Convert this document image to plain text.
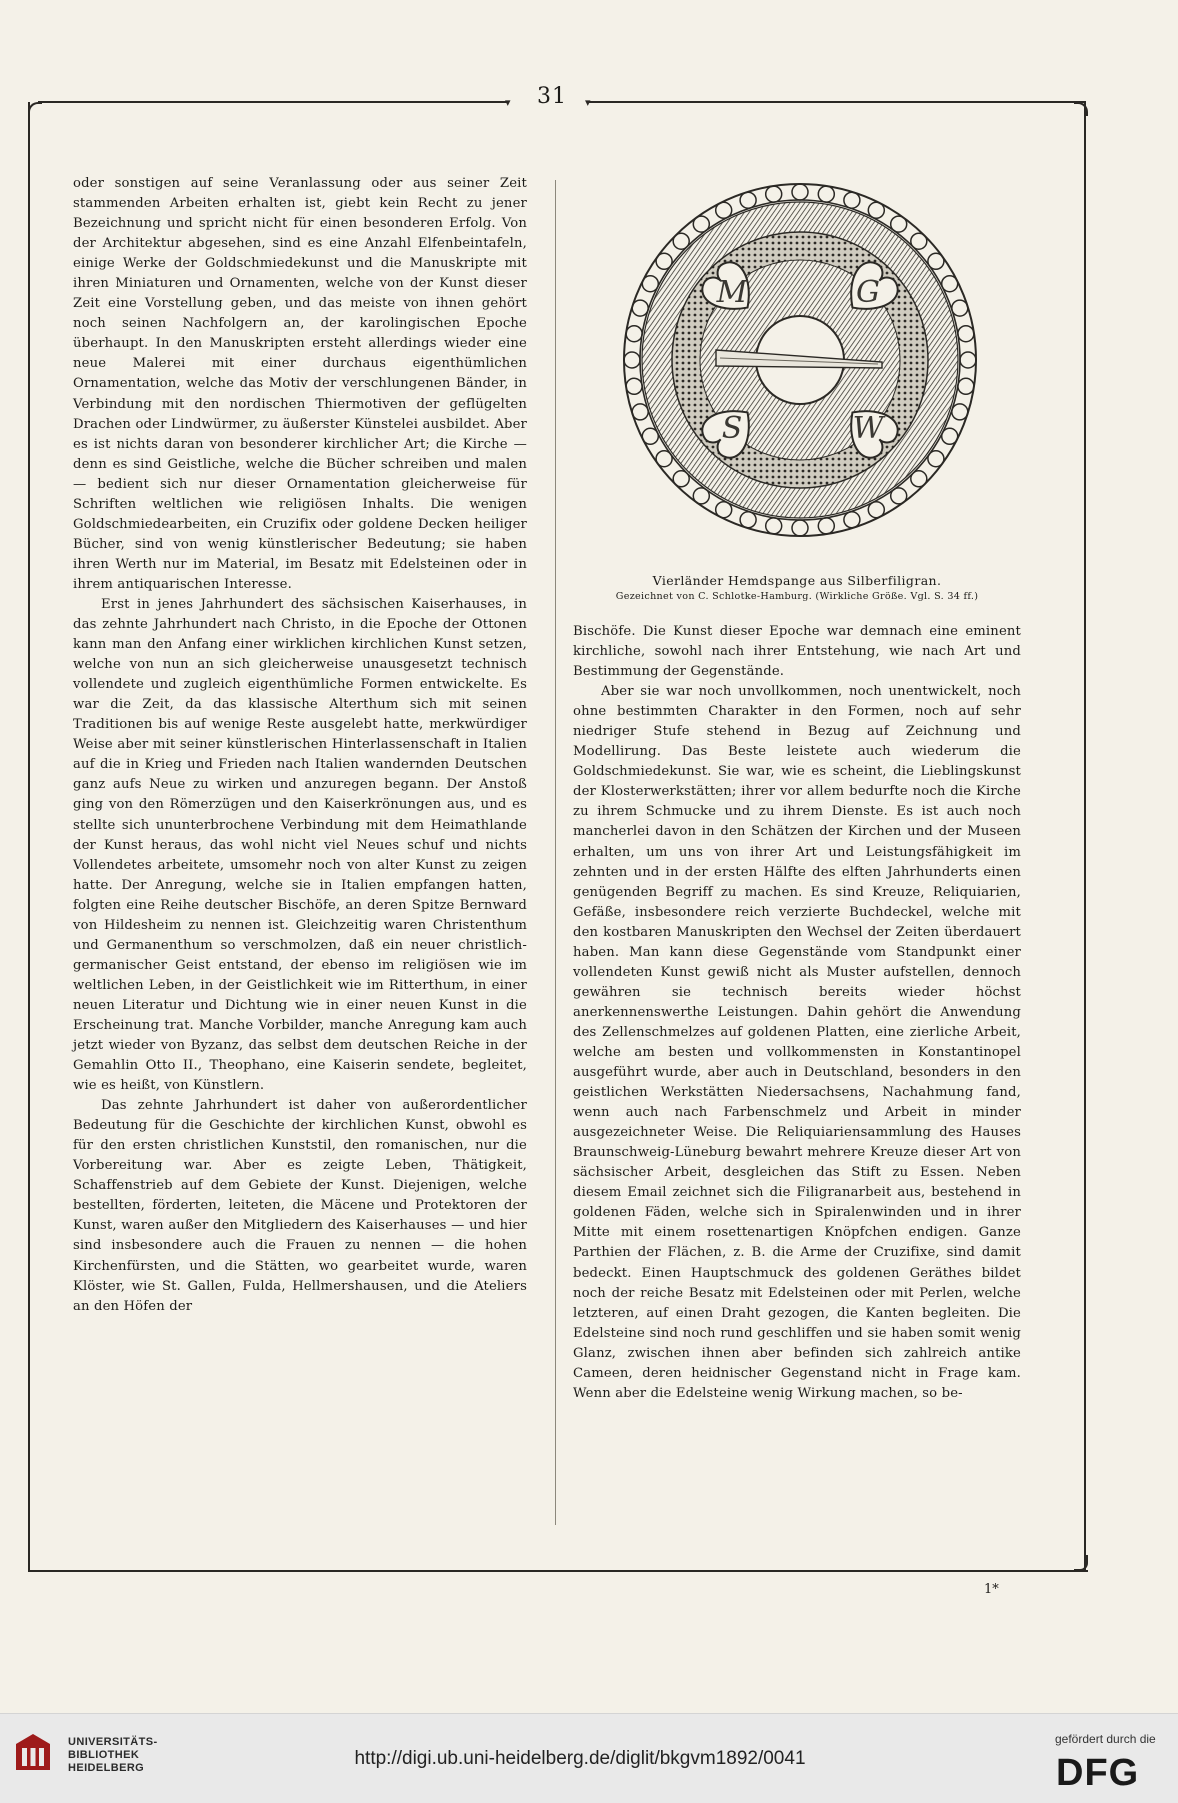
▾	▾
31

oder sonstigen auf seine Veranlassung oder aus seiner Zeit stammenden Arbeiten erhalten ist, giebt kein Recht zu jener Bezeichnung und spricht nicht für einen besonderen Erfolg. Von der Architektur abgesehen, sind es eine Anzahl Elfenbeintafeln, einige Werke der Goldschmiedekunst und die Manuskripte mit ihren Miniaturen und Ornamenten, welche von der Kunst dieser Zeit eine Vorstellung geben, und das meiste von ihnen gehört noch seinen Nachfolgern an, der karolingischen Epoche überhaupt. In den Manuskripten ersteht allerdings wieder eine neue Malerei mit einer durchaus eigenthümlichen Ornamentation, welche das Motiv der verschlungenen Bänder, in Verbindung mit den nordischen Thiermotiven der geflügelten Drachen oder Lindwürmer, zu äußerster Künstelei ausbildet. Aber es ist nichts daran von besonderer kirchlicher Art; die Kirche — denn es sind Geistliche, welche die Bücher schreiben und malen — bedient sich nur dieser Ornamentation gleicherweise für Schriften weltlichen wie religiösen Inhalts. Die wenigen Goldschmiedearbeiten, ein Cruzifix oder goldene Decken heiliger Bücher, sind von wenig künstlerischer Bedeutung; sie haben ihren Werth nur im Material, im Besatz mit Edelsteinen oder in ihrem antiquarischen Interesse.

Erst in jenes Jahrhundert des sächsischen Kaiserhauses, in das zehnte Jahrhundert nach Christo, in die Epoche der Ottonen kann man den Anfang einer wirklichen kirchlichen Kunst setzen, welche von nun an sich gleicherweise unausgesetzt technisch vollendete und zugleich eigenthümliche Formen entwickelte. Es war die Zeit, da das klassische Alterthum sich mit seinen Traditionen bis auf wenige Reste ausgelebt hatte, merkwürdiger Weise aber mit seiner künstlerischen Hinterlassenschaft in Italien auf die in Krieg und Frieden nach Italien wandernden Deutschen ganz aufs Neue zu wirken und anzuregen begann. Der Anstoß ging von den Römerzügen und den Kaiserkrönungen aus, und es stellte sich ununterbrochene Verbindung mit dem Heimathlande der Kunst heraus, das wohl nicht viel Neues schuf und nichts Vollendetes arbeitete, umsomehr noch von alter Kunst zu zeigen hatte. Der Anregung, welche sie in Italien empfangen hatten, folgten eine Reihe deutscher Bischöfe, an deren Spitze Bernward von Hildesheim zu nennen ist. Gleichzeitig waren Christenthum und Germanenthum so verschmolzen, daß ein neuer christlich-germanischer Geist entstand, der ebenso im religiösen wie im weltlichen Leben, in der Geistlichkeit wie im Ritterthum, in einer neuen Literatur und Dichtung wie in einer neuen Kunst in die Erscheinung trat. Manche Vorbilder, manche Anregung kam auch jetzt wieder von Byzanz, das selbst dem deutschen Reiche in der Gemahlin Otto II., Theophano, eine Kaiserin sendete, begleitet, wie es heißt, von Künstlern.

Das zehnte Jahrhundert ist daher von außerordentlicher Bedeutung für die Geschichte der kirchlichen Kunst, obwohl es für den ersten christlichen Kunststil, den romanischen, nur die Vorbereitung war. Aber es zeigte Leben, Thätigkeit, Schaffenstrieb auf dem Gebiete der Kunst. Diejenigen, welche bestellten, förderten, leiteten, die Mäcene und Protektoren der Kunst, waren außer den Mitgliedern des Kaiserhauses — und hier sind insbesondere auch die Frauen zu nennen — die hohen Kirchenfürsten, und die Stätten, wo gearbeitet wurde, waren Klöster, wie St. Gallen, Fulda, Hellmershausen, und die Ateliers an den Höfen der

M	G
S	W
Vierländer Hemdspange aus Silberfiligran.
Gezeichnet von C. Schlotke-Hamburg. (Wirkliche Größe. Vgl. S. 34 ff.)

Bischöfe. Die Kunst dieser Epoche war demnach eine eminent kirchliche, sowohl nach ihrer Entstehung, wie nach Art und Bestimmung der Gegenstände.

Aber sie war noch unvollkommen, noch unentwickelt, noch ohne bestimmten Charakter in den Formen, noch auf sehr niedriger Stufe stehend in Bezug auf Zeichnung und Modellirung. Das Beste leistete auch wiederum die Goldschmiedekunst. Sie war, wie es scheint, die Lieblingskunst der Klosterwerkstätten; ihrer vor allem bedurfte noch die Kirche zu ihrem Schmucke und zu ihrem Dienste. Es ist auch noch mancherlei davon in den Schätzen der Kirchen und der Museen erhalten, um uns von ihrer Art und Leistungsfähigkeit im zehnten und in der ersten Hälfte des elften Jahrhunderts einen genügenden Begriff zu machen. Es sind Kreuze, Reliquiarien, Gefäße, insbesondere reich verzierte Buchdeckel, welche mit den kostbaren Manuskripten den Wechsel der Zeiten überdauert haben. Man kann diese Gegenstände vom Standpunkt einer vollendeten Kunst gewiß nicht als Muster aufstellen, dennoch gewähren sie technisch bereits wieder höchst anerkennenswerthe Leistungen. Dahin gehört die Anwendung des Zellenschmelzes auf goldenen Platten, eine zierliche Arbeit, welche am besten und vollkommensten in Konstantinopel ausgeführt wurde, aber auch in Deutschland, besonders in den geistlichen Werkstätten Niedersachsens, Nachahmung fand, wenn auch nach Farbenschmelz und Arbeit in minder ausgezeichneter Weise. Die Reliquiariensammlung des Hauses Braunschweig-Lüneburg bewahrt mehrere Kreuze dieser Art von sächsischer Arbeit, desgleichen das Stift zu Essen. Neben diesem Email zeichnet sich die Filigranarbeit aus, bestehend in goldenen Fäden, welche sich in Spiralenwinden und in ihrer Mitte mit einem rosettenartigen Knöpfchen endigen. Ganze Parthien der Flächen, z. B. die Arme der Cruzifixe, sind damit bedeckt. Einen Hauptschmuck des goldenen Geräthes bildet noch der reiche Besatz mit Edelsteinen oder mit Perlen, welche letzteren, auf einen Draht gezogen, die Kanten begleiten. Die Edelsteine sind noch rund geschliffen und sie haben somit wenig Glanz, zwischen ihnen aber befinden sich zahlreich antike Cameen, deren heidnischer Gegenstand nicht in Frage kam. Wenn aber die Edelsteine wenig Wirkung machen, so be-

1*
UNIVERSITÄTS-
BIBLIOTHEK
HEIDELBERG	http://digi.ub.uni-heidelberg.de/diglit/bkgvm1892/0041
gefördert durch die
DFG
